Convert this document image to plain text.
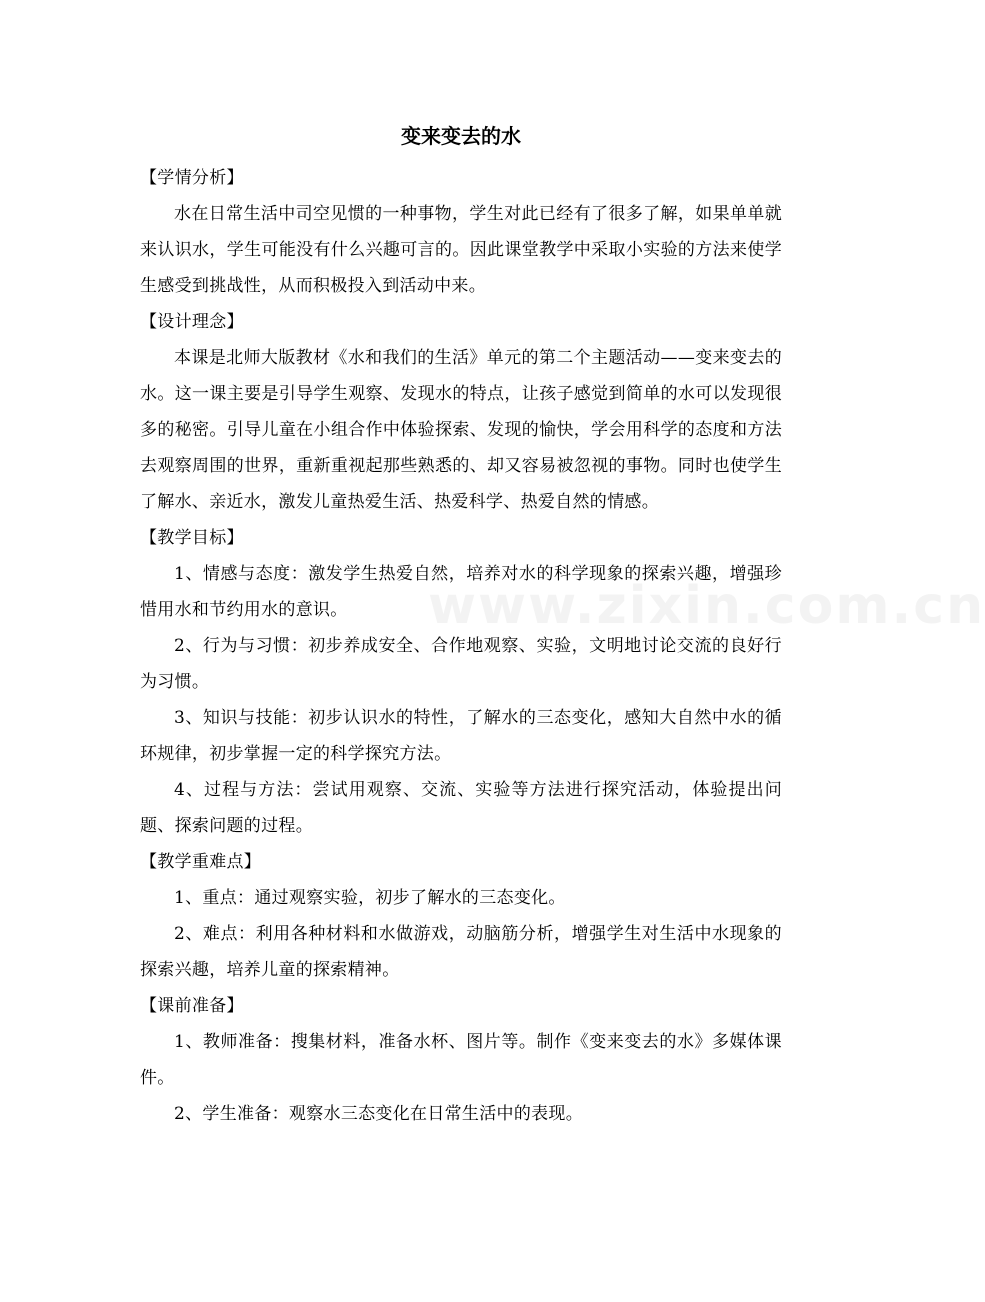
变来变去的水

【学情分析】

水在日常生活中司空见惯的一种事物，学生对此已经有了很多了解，如果单单就来认识水，学生可能没有什么兴趣可言的。因此课堂教学中采取小实验的方法来使学生感受到挑战性，从而积极投入到活动中来。

【设计理念】

本课是北师大版教材《水和我们的生活》单元的第二个主题活动——变来变去的水。这一课主要是引导学生观察、发现水的特点，让孩子感觉到简单的水可以发现很多的秘密。引导儿童在小组合作中体验探索、发现的愉快，学会用科学的态度和方法去观察周围的世界，重新重视起那些熟悉的、却又容易被忽视的事物。同时也使学生了解水、亲近水，激发儿童热爱生活、热爱科学、热爱自然的情感。

【教学目标】

1、情感与态度：激发学生热爱自然，培养对水的科学现象的探索兴趣，增强珍惜用水和节约用水的意识。

2、行为与习惯：初步养成安全、合作地观察、实验，文明地讨论交流的良好行为习惯。

3、知识与技能：初步认识水的特性，了解水的三态变化，感知大自然中水的循环规律，初步掌握一定的科学探究方法。

4、过程与方法：尝试用观察、交流、实验等方法进行探究活动，体验提出问题、探索问题的过程。

【教学重难点】

1、重点：通过观察实验，初步了解水的三态变化。

2、难点：利用各种材料和水做游戏，动脑筋分析，增强学生对生活中水现象的探索兴趣，培养儿童的探索精神。

【课前准备】

1、教师准备：搜集材料，准备水杯、图片等。制作《变来变去的水》多媒体课件。

2、学生准备：观察水三态变化在日常生活中的表现。

www.zixin.com.cn
